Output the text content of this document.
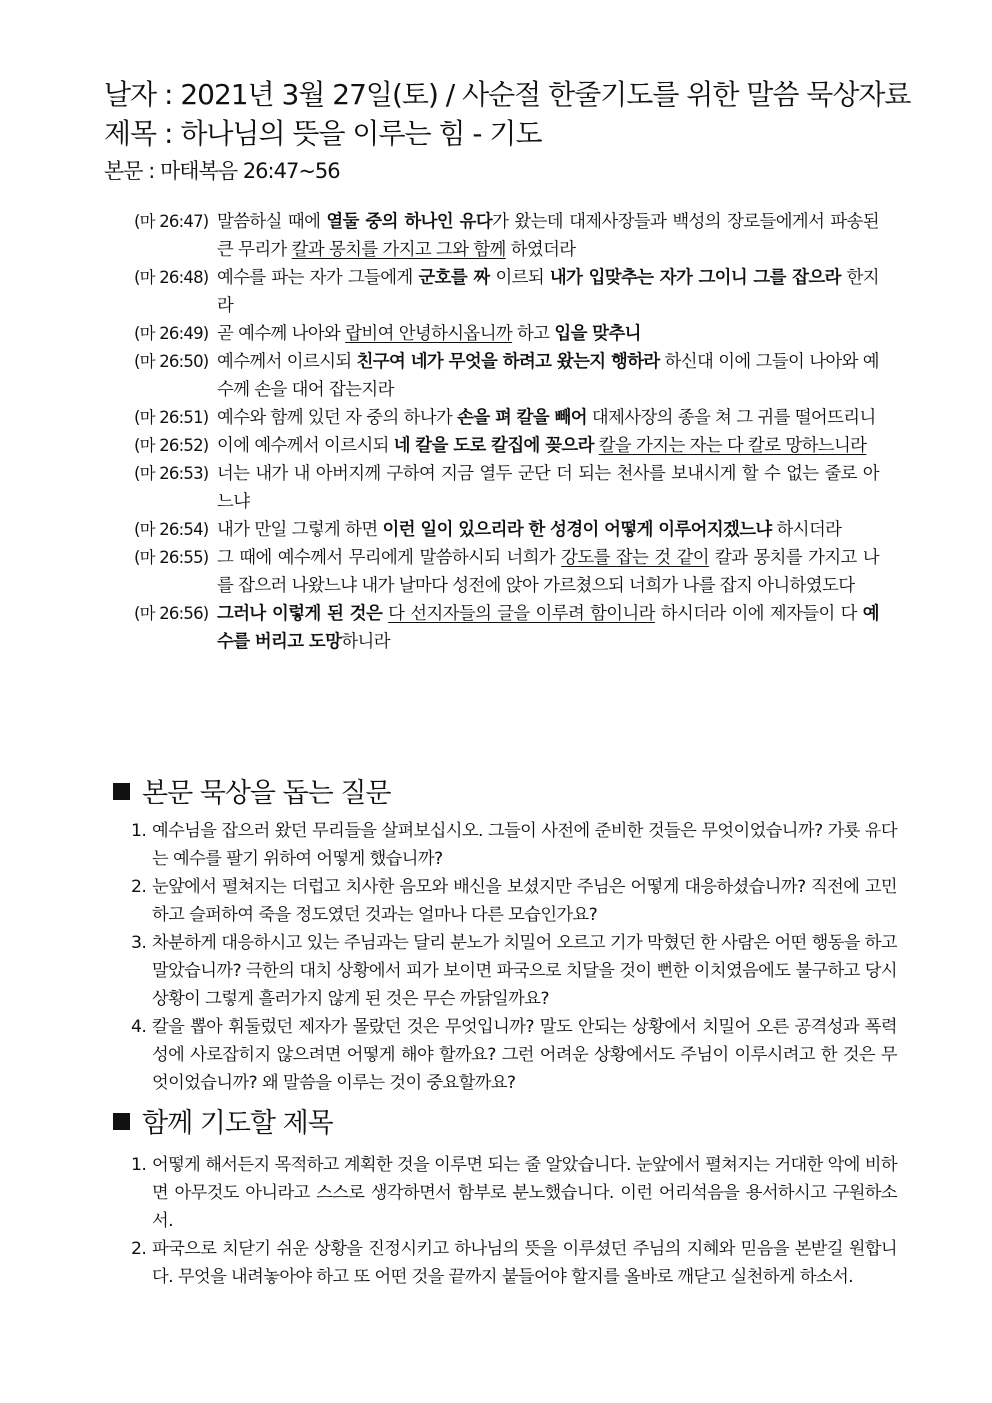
날자 : 2021년 3월 27일(토) / 사순절 한줄기도를 위한 말씀 묵상자료
제목 : 하나님의 뜻을 이루는 힘 - 기도
본문 : 마태복음 26:47~56
(마 26:47) 말씀하실 때에 열둘 중의 하나인 유다가 왔는데 대제사장들과 백성의 장로들에게서 파송된 큰 무리가 칼과 몽치를 가지고 그와 함께 하였더라
(마 26:48) 예수를 파는 자가 그들에게 군호를 짜 이르되 내가 입맞추는 자가 그이니 그를 잡으라 한지라
(마 26:49) 곧 예수께 나아와 랍비여 안녕하시옵니까 하고 입을 맞추니
(마 26:50) 예수께서 이르시되 친구여 네가 무엇을 하려고 왔는지 행하라 하신대 이에 그들이 나아와 예수께 손을 대어 잡는지라
(마 26:51) 예수와 함께 있던 자 중의 하나가 손을 펴 칼을 빼어 대제사장의 종을 쳐 그 귀를 떨어뜨리니
(마 26:52) 이에 예수께서 이르시되 네 칼을 도로 칼집에 꽂으라 칼을 가지는 자는 다 칼로 망하느니라
(마 26:53) 너는 내가 내 아버지께 구하여 지금 열두 군단 더 되는 천사를 보내시게 할 수 없는 줄로 아느냐
(마 26:54) 내가 만일 그렇게 하면 이런 일이 있으리라 한 성경이 어떻게 이루어지겠느냐 하시더라
(마 26:55) 그 때에 예수께서 무리에게 말씀하시되 너희가 강도를 잡는 것 같이 칼과 몽치를 가지고 나를 잡으러 나왔느냐 내가 날마다 성전에 앉아 가르쳤으되 너희가 나를 잡지 아니하였도다
(마 26:56) 그러나 이렇게 된 것은 다 선지자들의 글을 이루려 함이니라 하시더라 이에 제자들이 다 예수를 버리고 도망하니라
본문 묵상을 돕는 질문
1. 예수님을 잡으러 왔던 무리들을 살펴보십시오. 그들이 사전에 준비한 것들은 무엇이었습니까? 가룟 유다는 예수를 팔기 위하여 어떻게 했습니까?
2. 눈앞에서 펼쳐지는 더럽고 치사한 음모와 배신을 보셨지만 주님은 어떻게 대응하셨습니까? 직전에 고민하고 슬퍼하여 죽을 정도였던 것과는 얼마나 다른 모습인가요?
3. 차분하게 대응하시고 있는 주님과는 달리 분노가 치밀어 오르고 기가 막혔던 한 사람은 어떤 행동을 하고 말았습니까? 극한의 대치 상황에서 피가 보이면 파국으로 치달을 것이 뻔한 이치였음에도 불구하고 당시 상황이 그렇게 흘러가지 않게 된 것은 무슨 까닭일까요?
4. 칼을 뽑아 휘둘렀던 제자가 몰랐던 것은 무엇입니까? 말도 안되는 상황에서 치밀어 오른 공격성과 폭력성에 사로잡히지 않으려면 어떻게 해야 할까요? 그런 어려운 상황에서도 주님이 이루시려고 한 것은 무엇이었습니까? 왜 말씀을 이루는 것이 중요할까요?
함께 기도할 제목
1. 어떻게 해서든지 목적하고 계획한 것을 이루면 되는 줄 알았습니다. 눈앞에서 펼쳐지는 거대한 악에 비하면 아무것도 아니라고 스스로 생각하면서 함부로 분노했습니다. 이런 어리석음을 용서하시고 구원하소서.
2. 파국으로 치닫기 쉬운 상황을 진정시키고 하나님의 뜻을 이루셨던 주님의 지혜와 믿음을 본받길 원합니다. 무엇을 내려놓아야 하고 또 어떤 것을 끝까지 붙들어야 할지를 올바로 깨닫고 실천하게 하소서.
